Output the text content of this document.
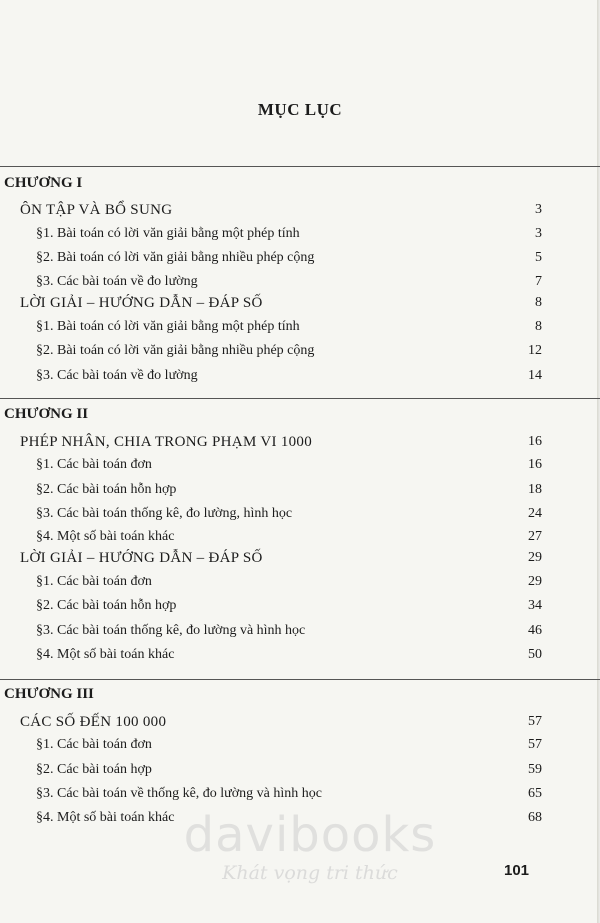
MỤC LỤC
CHƯƠNG I
ÔN TẬP VÀ BỔ SUNG	3
§1. Bài toán có lời văn giải bằng một phép tính	3
§2. Bài toán có lời văn giải bằng nhiều phép cộng	5
§3. Các bài toán về đo lường	7
LỜI GIẢI – HƯỚNG DẪN – ĐÁP SỐ	8
§1. Bài toán có lời văn giải bằng một phép tính	8
§2. Bài toán có lời văn giải bằng nhiều phép cộng	12
§3. Các bài toán về đo lường	14
CHƯƠNG II
PHÉP NHÂN, CHIA TRONG PHẠM VI 1000	16
§1. Các bài toán đơn	16
§2. Các bài toán hỗn hợp	18
§3. Các bài toán thống kê, đo lường, hình học	24
§4. Một số bài toán khác	27
LỜI GIẢI – HƯỚNG DẪN – ĐÁP SỐ	29
§1. Các bài toán đơn	29
§2. Các bài toán hỗn hợp	34
§3. Các bài toán thống kê, đo lường và hình học	46
§4. Một số bài toán khác	50
CHƯƠNG III
CÁC SỐ ĐẾN 100 000	57
§1. Các bài toán đơn	57
§2. Các bài toán hợp	59
§3. Các bài toán về thống kê, đo lường và hình học	65
§4. Một số bài toán khác	68
davibooks
Khát vọng tri thức	101
